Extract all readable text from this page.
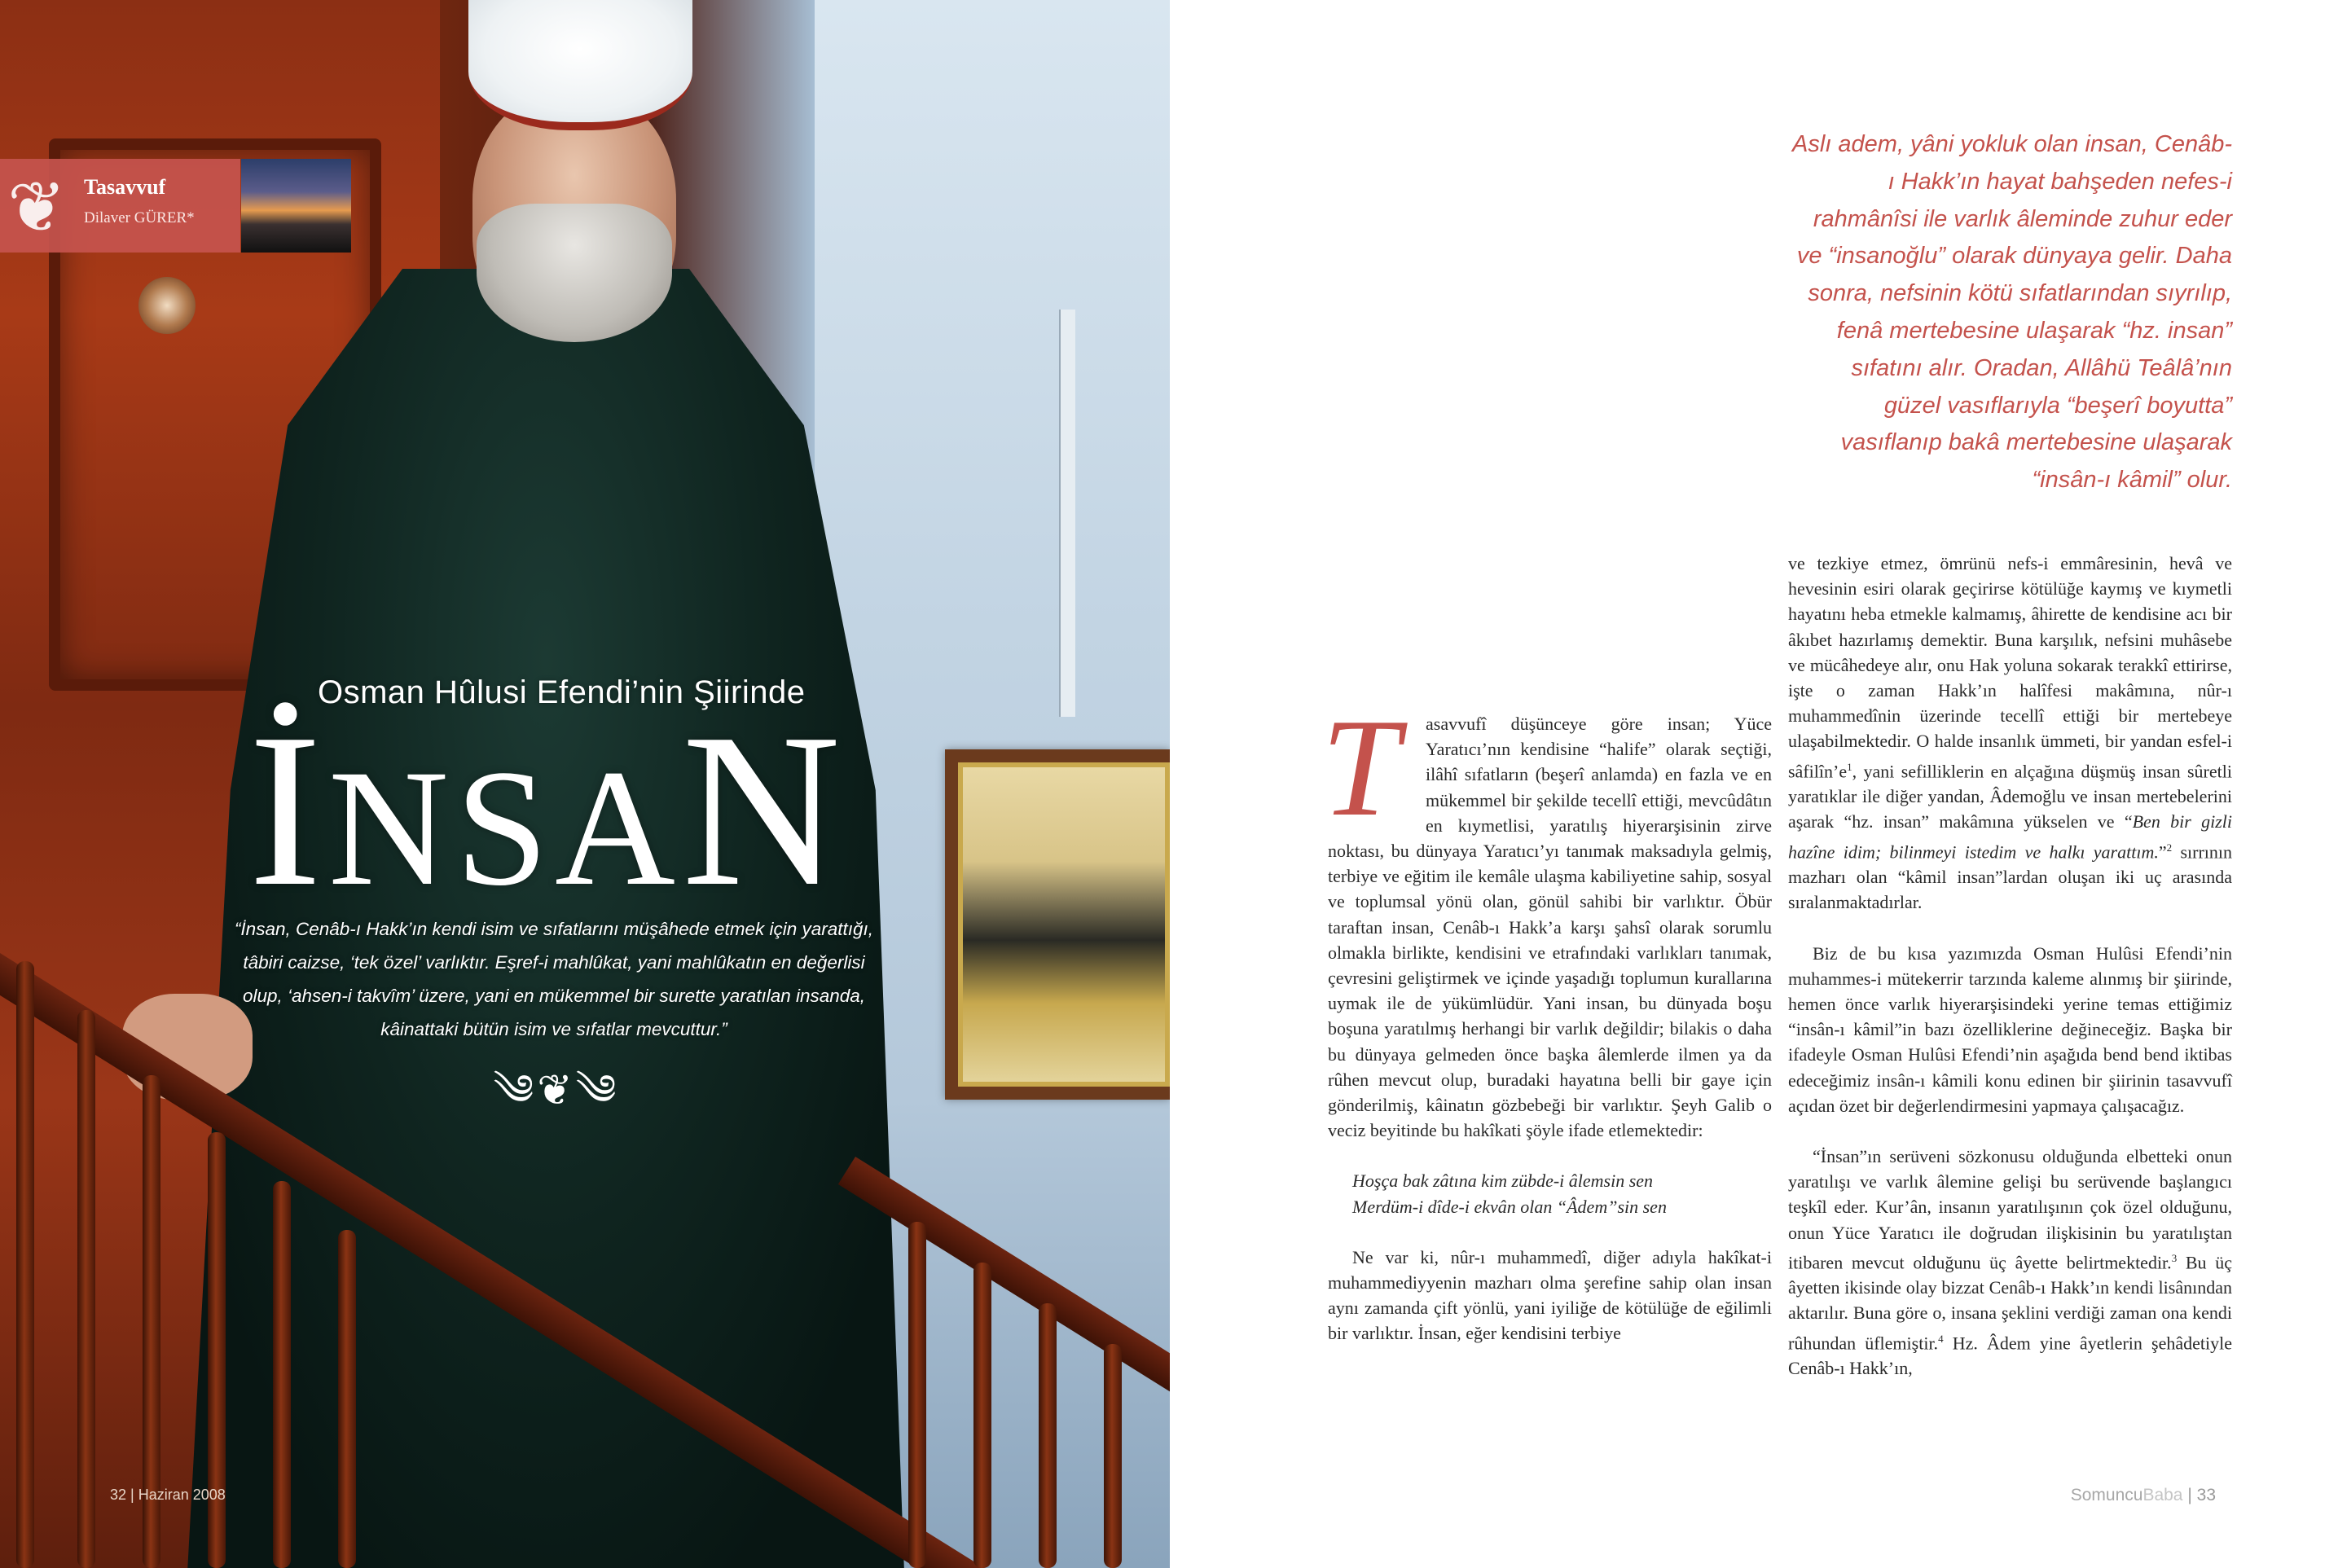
❦ Tasavvuf
Dilaver GÜRER*
Osman Hûlusi Efendi’nin Şiirinde
İNSAN
“İnsan, Cenâb-ı Hakk’ın kendi isim ve sıfatlarını müşâhede etmek için yarattığı, tâbiri caizse, ‘tek özel’ varlıktır. Eşref-i mahlûkat, yani mahlûkatın en değerlisi olup, ‘ahsen-i takvîm’ üzere, yani en mükemmel bir surette yaratılan insanda, kâinattaki bütün isim ve sıfatlar mevcuttur.”
༄❦༄
32 | Haziran 2008
Aslı adem, yâni yokluk olan insan, Cenâb-ı Hakk’ın hayat bahşeden nefes-i rahmânîsi ile varlık âleminde zuhur eder ve “insanoğlu” olarak dünyaya gelir. Daha sonra, nefsinin kötü sıfatlarından sıyrılıp, fenâ mertebesine ulaşarak “hz. insan” sıfatını alır. Oradan, Allâhü Teâlâ’nın güzel vasıflarıyla “beşerî boyutta” vasıflanıp bakâ mertebesine ulaşarak “insân-ı kâmil” olur.

T	asavvufî düşünceye göre insan; Yüce Yaratıcı’nın kendisine “halife” olarak seçtiği, ilâhî sıfatların (beşerî anlamda) en fazla ve en mükemmel bir şekilde tecellî ettiği, mevcûdâtın en kıymetlisi, yaratılış hiyerarşisinin zirve noktası, bu dünyaya Yaratıcı’yı tanımak maksadıyla gelmiş, terbiye ve eğitim ile kemâle ulaşma kabiliyetine sahip, sosyal ve toplumsal yönü olan, gönül sahibi bir varlıktır. Öbür taraftan insan, Cenâb-ı Hakk’a karşı şahsî olarak sorumlu olmakla birlikte, kendisini ve etrafındaki varlıkları tanımak, çevresini geliştirmek ve içinde yaşadığı toplumun kurallarına uymak ile de yükümlüdür. Yani insan, bu dünyada boşu boşuna yaratılmış herhangi bir varlık değildir; bilakis o daha bu dünyaya gelmeden önce başka âlemlerde ilmen ya da rûhen mevcut olup, buradaki hayatına belli bir gaye için gönderilmiş, kâinatın gözbebeği bir varlıktır. Şeyh Galib o veciz beyitinde bu hakîkati şöyle ifade etlemektedir:

Hoşça bak zâtına kim zübde-i âlemsin sen
Merdüm-i dîde-i ekvân olan “Âdem”sin sen

Ne var ki, nûr-ı muhammedî, diğer adıyla hakîkat-i muhammediyyenin mazharı olma şerefine sahip olan insan aynı zamanda çift yönlü, yani iyiliğe de kötülüğe de eğilimli bir varlıktır. İnsan, eğer kendisini terbiye

ve tezkiye etmez, ömrünü nefs-i emmâresinin, hevâ ve hevesinin esiri olarak geçirirse kötülüğe kaymış ve kıymetli hayatını heba etmekle kalmamış, âhirette de kendisine acı bir âkıbet hazırlamış demektir. Buna karşılık, nefsini muhâsebe ve mücâhedeye alır, onu Hak yoluna sokarak terakkî ettirirse, işte o zaman Hakk’ın halîfesi makâmına, nûr-ı muhammedînin üzerinde tecellî ettiği bir mertebeye ulaşabilmektedir. O halde insanlık ümmeti, bir yandan esfel-i $sâfilîn’e^1$, yani sefilliklerin en alçağına düşmüş insan sûretli yaratıklar ile diğer yandan, Âdemoğlu ve insan mertebelerini aşarak “hz. insan” makâmına yükselen ve “Ben bir gizli hazîne idim; bilinmeyi istedim ve halkı yarattım.”$^2$ sırrının mazharı olan “kâmil insan”lardan oluşan iki uç arasında sıralanmaktadırlar.

Biz de bu kısa yazımızda Osman Hulûsi Efendi’nin muhammes-i mütekerrir tarzında kaleme alınmış bir şiirinde, hemen önce varlık hiyerarşisindeki yerine temas ettiğimiz “insân-ı kâmil”in bazı özelliklerine değineceğiz. Başka bir ifadeyle Osman Hulûsi Efendi’nin aşağıda bend bend iktibas edeceğimiz insân-ı kâmili konu edinen bir şiirinin tasavvufî açıdan özet bir değerlendirmesini yapmaya çalışacağız.

“İnsan”ın serüveni sözkonusu olduğunda elbetteki onun yaratılışı ve varlık âlemine gelişi bu serüvende başlangıcı teşkîl eder. Kur’ân, insanın yaratılışının çok özel olduğunu, onun Yüce Yaratıcı ile doğrudan ilişkisinin bu yaratılıştan itibaren mevcut olduğunu üç âyette belirtmektedir.$^3$ Bu üç âyetten ikisinde olay bizzat Cenâb-ı Hakk’ın kendi lisânından aktarılır. Buna göre o, insana şeklini verdiği zaman ona kendi rûhundan üflemiştir.$^4$ Hz. Âdem yine âyetlerin şehâdetiyle Cenâb-ı Hakk’ın,

SomuncuBaba | 33
